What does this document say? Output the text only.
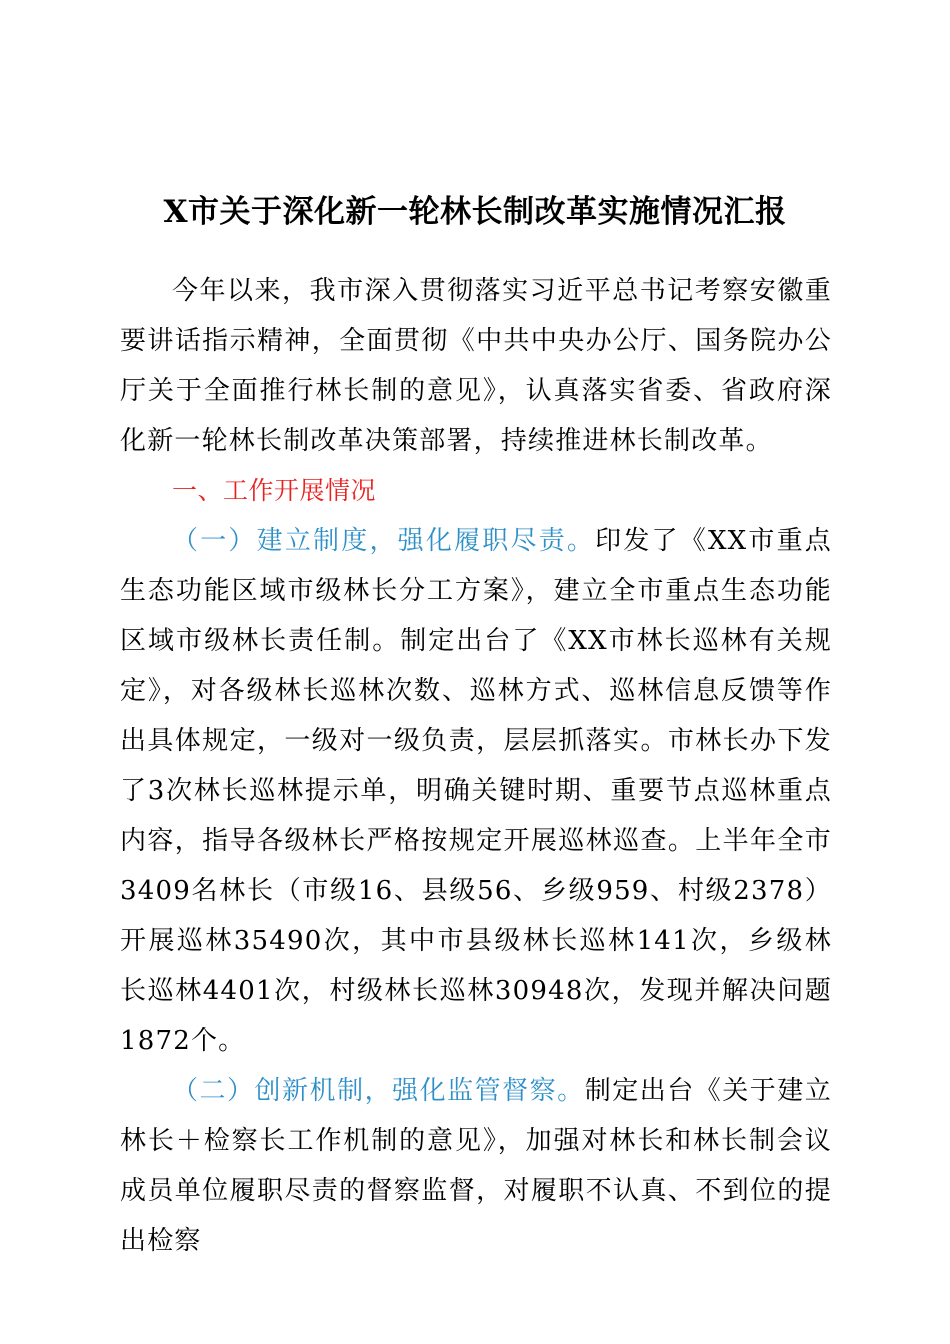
X市关于深化新一轮林长制改革实施情况汇报

今年以来，我市深入贯彻落实习近平总书记考察安徽重要讲话指示精神，全面贯彻《中共中央办公厅、国务院办公厅关于全面推行林长制的意见》，认真落实省委、省政府深化新一轮林长制改革决策部署，持续推进林长制改革。

一、工作开展情况

（一）建立制度，强化履职尽责。印发了《XX市重点生态功能区域市级林长分工方案》，建立全市重点生态功能区域市级林长责任制。制定出台了《XX市林长巡林有关规定》，对各级林长巡林次数、巡林方式、巡林信息反馈等作出具体规定，一级对一级负责，层层抓落实。市林长办下发了3次林长巡林提示单，明确关键时期、重要节点巡林重点内容，指导各级林长严格按规定开展巡林巡查。上半年全市3409名林长（市级16、县级56、乡级959、村级2378）开展巡林35490次，其中市县级林长巡林141次，乡级林长巡林4401次，村级林长巡林30948次，发现并解决问题1872个。

（二）创新机制，强化监管督察。制定出台《关于建立林长＋检察长工作机制的意见》，加强对林长和林长制会议成员单位履职尽责的督察监督，对履职不认真、不到位的提出检察
